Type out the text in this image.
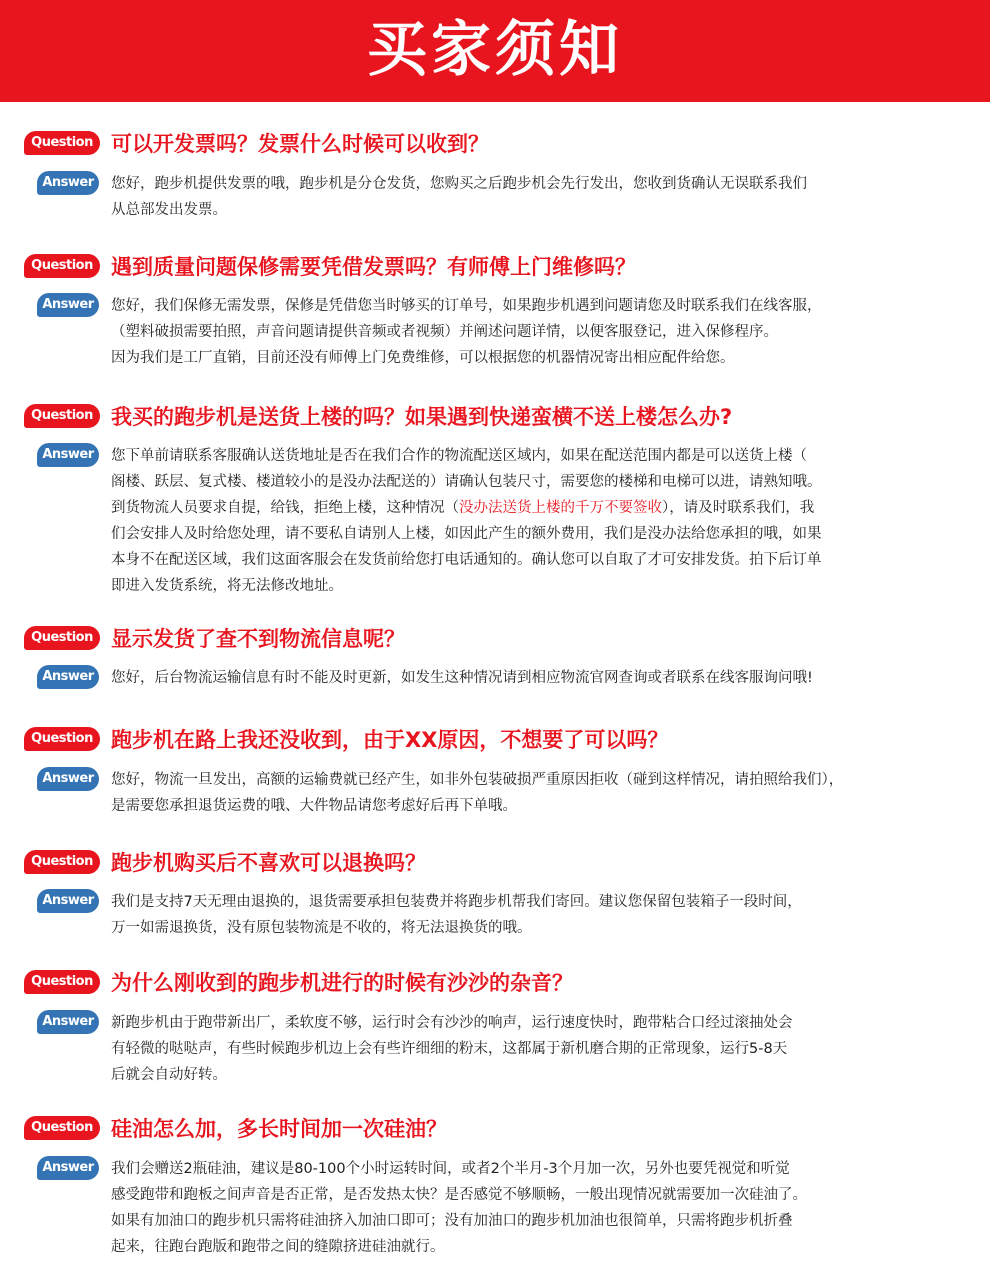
买家须知
Question 可以开发票吗？发票什么时候可以收到？
Answer	您好，跑步机提供发票的哦，跑步机是分仓发货，您购买之后跑步机会先行发出，您收到货确认无误联系我们
从总部发出发票。
Question 遇到质量问题保修需要凭借发票吗？有师傅上门维修吗？
Answer	您好，我们保修无需发票，保修是凭借您当时够买的订单号，如果跑步机遇到问题请您及时联系我们在线客服，
（塑料破损需要拍照，声音问题请提供音频或者视频）并阐述问题详情，以便客服登记，进入保修程序。
因为我们是工厂直销，目前还没有师傅上门免费维修，可以根据您的机器情况寄出相应配件给您。
Question 我买的跑步机是送货上楼的吗？如果遇到快递蛮横不送上楼怎么办?
Answer	您下单前请联系客服确认送货地址是否在我们合作的物流配送区域内，如果在配送范围内都是可以送货上楼（
阁楼、跃层、复式楼、楼道较小的是没办法配送的）请确认包装尺寸，需要您的楼梯和电梯可以进，请熟知哦。
到货物流人员要求自提，给钱，拒绝上楼，这种情况（没办法送货上楼的千万不要签收），请及时联系我们，我
们会安排人及时给您处理，请不要私自请别人上楼，如因此产生的额外费用，我们是没办法给您承担的哦，如果
本身不在配送区域，我们这面客服会在发货前给您打电话通知的。确认您可以自取了才可安排发货。拍下后订单
即进入发货系统，将无法修改地址。
Question 显示发货了查不到物流信息呢？
Answer	您好，后台物流运输信息有时不能及时更新，如发生这种情况请到相应物流官网查询或者联系在线客服询问哦!
Question 跑步机在路上我还没收到，由于XX原因，不想要了可以吗？
Answer	您好，物流一旦发出，高额的运输费就已经产生，如非外包装破损严重原因拒收（碰到这样情况，请拍照给我们），
是需要您承担退货运费的哦、大件物品请您考虑好后再下单哦。
Question 跑步机购买后不喜欢可以退换吗？
Answer	我们是支持7天无理由退换的，退货需要承担包装费并将跑步机帮我们寄回。建议您保留包装箱子一段时间，
万一如需退换货，没有原包装物流是不收的，将无法退换货的哦。
Question 为什么刚收到的跑步机进行的时候有沙沙的杂音？
Answer	新跑步机由于跑带新出厂，柔软度不够，运行时会有沙沙的响声，运行速度快时，跑带粘合口经过滚抽处会
有轻微的哒哒声，有些时候跑步机边上会有些许细细的粉末，这都属于新机磨合期的正常现象，运行5-8天
后就会自动好转。
Question 硅油怎么加，多长时间加一次硅油？
Answer	我们会赠送2瓶硅油，建议是80-100个小时运转时间，或者2个半月-3个月加一次，另外也要凭视觉和听觉
感受跑带和跑板之间声音是否正常，是否发热太快？是否感觉不够顺畅，一般出现情况就需要加一次硅油了。
如果有加油口的跑步机只需将硅油挤入加油口即可；没有加油口的跑步机加油也很简单，只需将跑步机折叠
起来，往跑台跑版和跑带之间的缝隙挤进硅油就行。
